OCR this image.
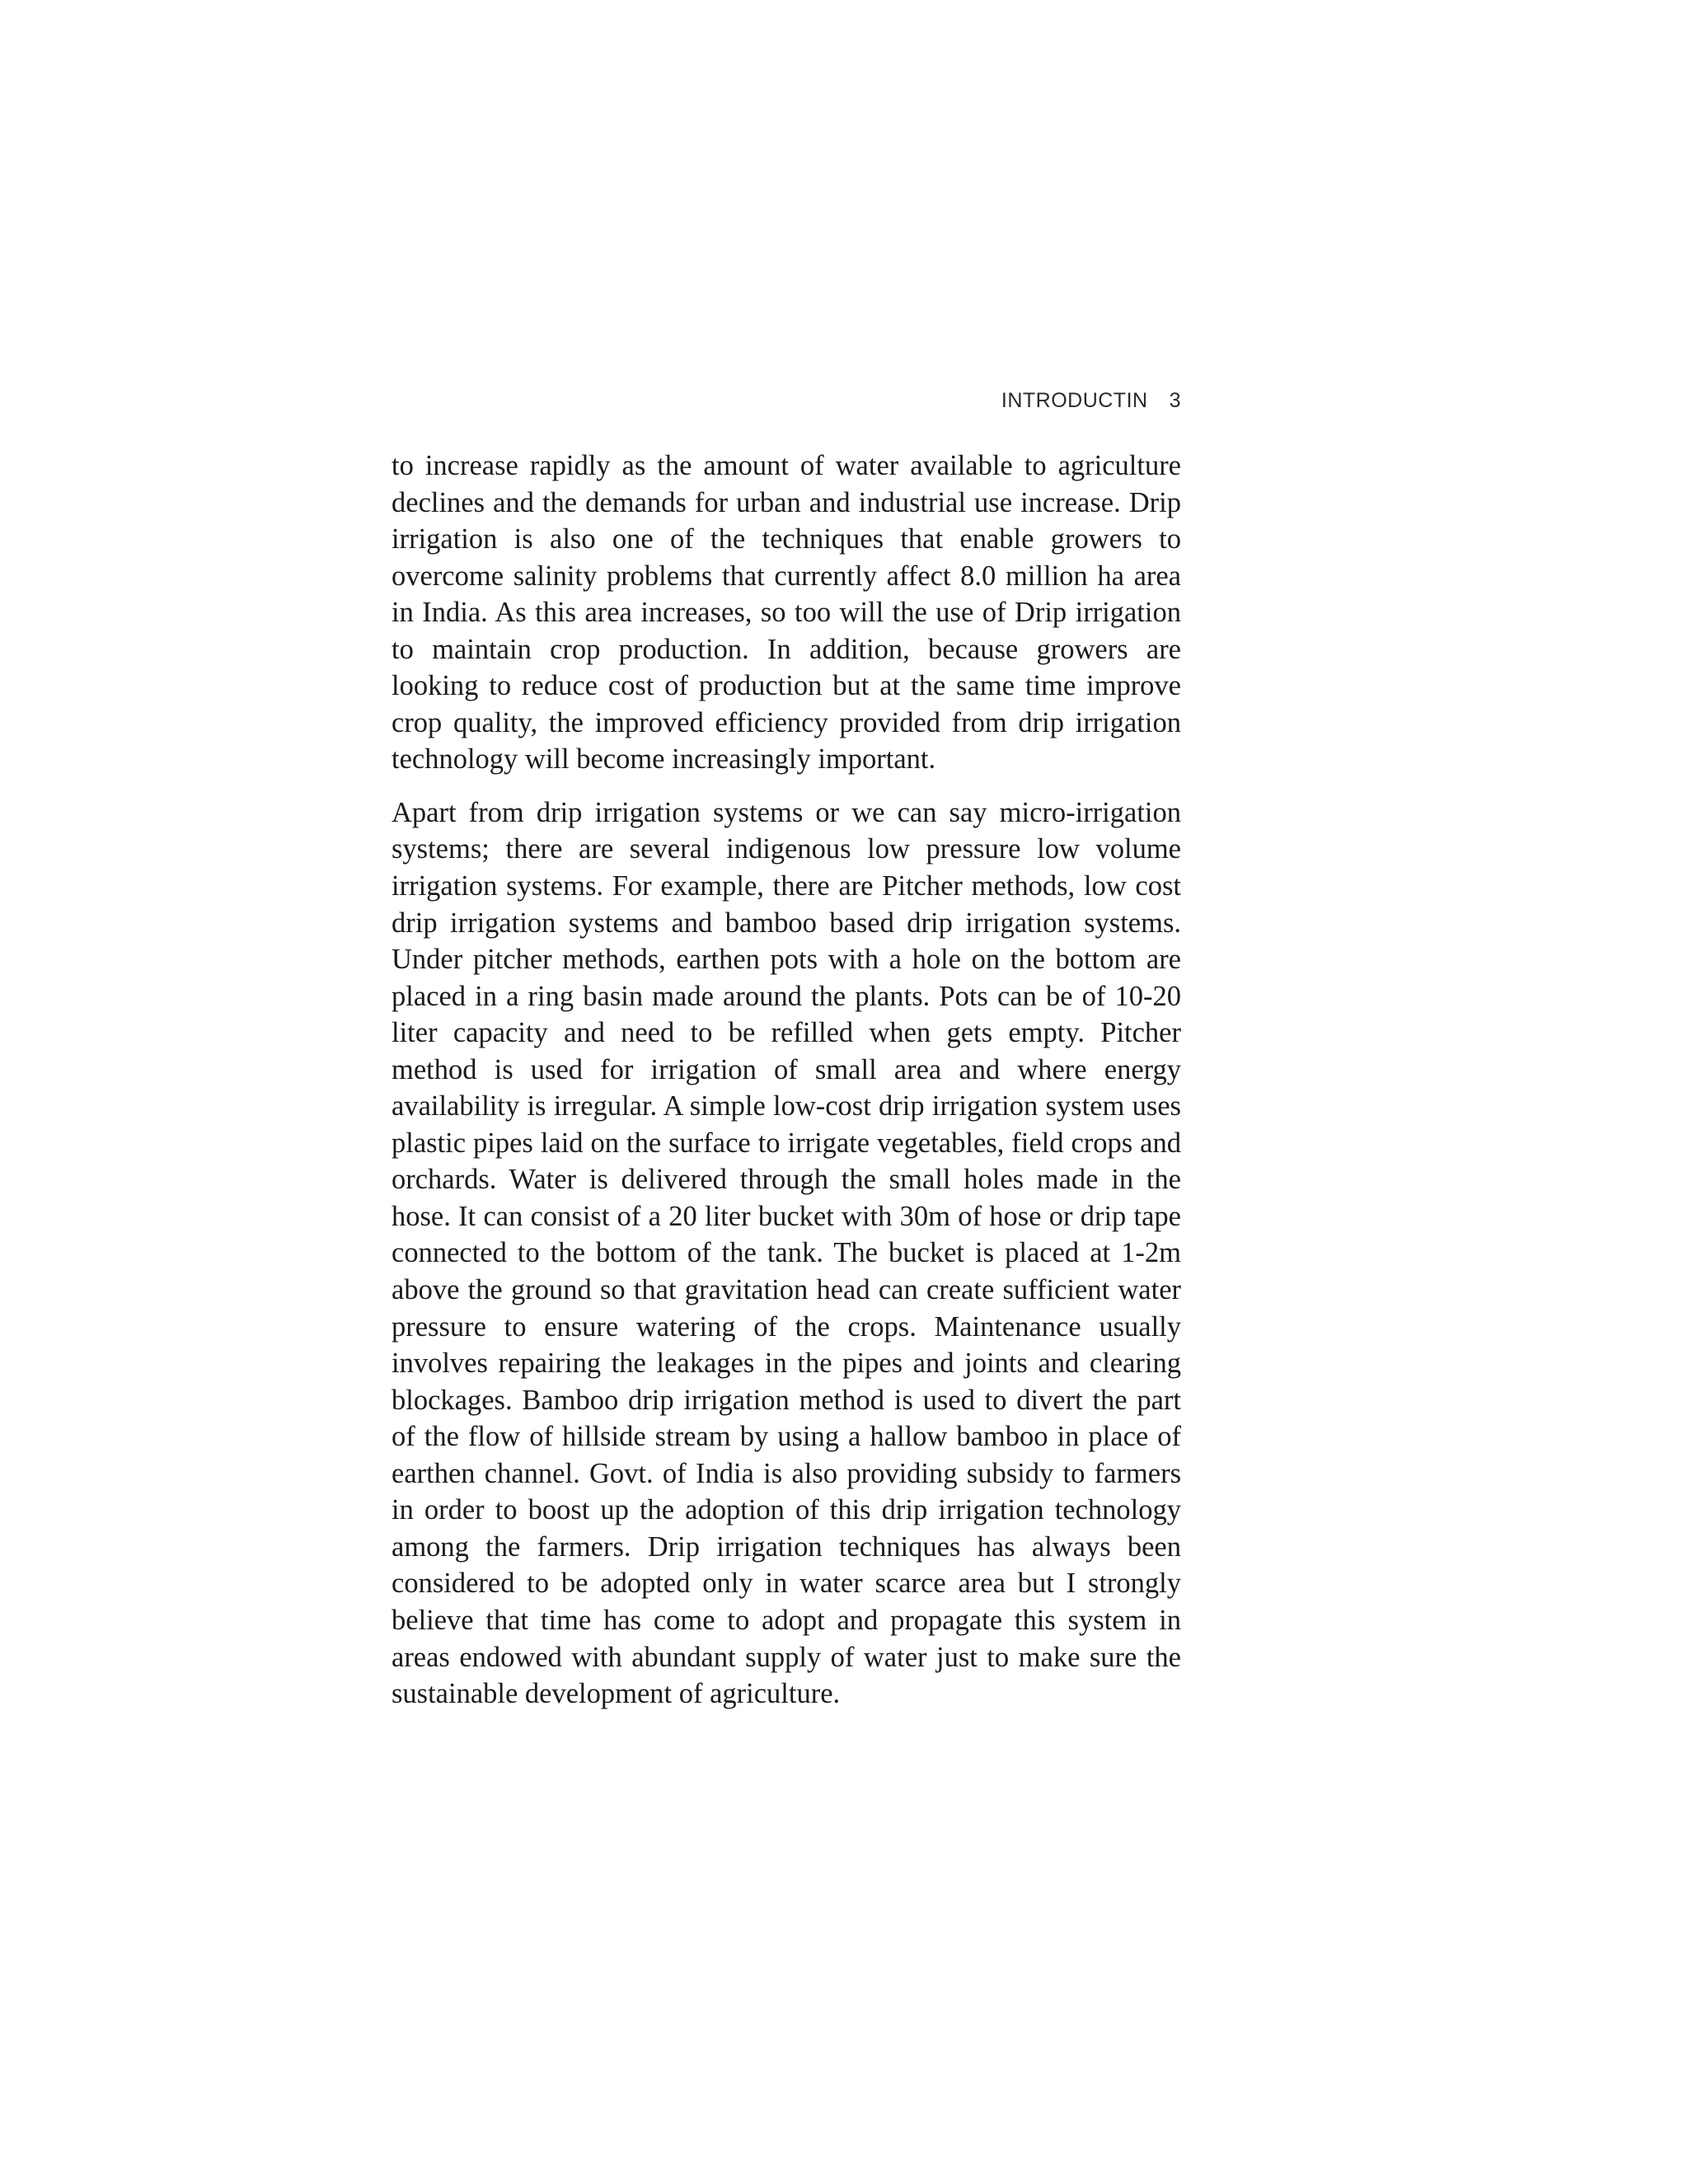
INTRODUCTIN 3

to increase rapidly as the amount of water available to agriculture declines and the demands for urban and industrial use increase. Drip irrigation is also one of the techniques that enable growers to overcome salinity problems that currently affect 8.0 million ha area in India. As this area increases, so too will the use of Drip irrigation to maintain crop production. In addition, because growers are looking to reduce cost of production but at the same time improve crop quality, the improved efficiency provided from drip irrigation technology will become increasingly important.

Apart from drip irrigation systems or we can say micro-irrigation systems; there are several indigenous low pressure low volume irrigation systems. For example, there are Pitcher methods, low cost drip irrigation systems and bamboo based drip irrigation systems. Under pitcher methods, earthen pots with a hole on the bottom are placed in a ring basin made around the plants. Pots can be of 10-20 liter capacity and need to be refilled when gets empty. Pitcher method is used for irrigation of small area and where energy availability is irregular. A simple low-cost drip irrigation system uses plastic pipes laid on the surface to irrigate vegetables, field crops and orchards. Water is delivered through the small holes made in the hose. It can consist of a 20 liter bucket with 30m of hose or drip tape connected to the bottom of the tank. The bucket is placed at 1-2m above the ground so that gravitation head can create sufficient water pressure to ensure watering of the crops. Maintenance usually involves repairing the leakages in the pipes and joints and clearing blockages. Bamboo drip irrigation method is used to divert the part of the flow of hillside stream by using a hallow bamboo in place of earthen channel. Govt. of India is also providing subsidy to farmers in order to boost up the adoption of this drip irrigation technology among the farmers. Drip irrigation techniques has always been considered to be adopted only in water scarce area but I strongly believe that time has come to adopt and propagate this system in areas endowed with abundant supply of water just to make sure the sustainable development of agriculture.
